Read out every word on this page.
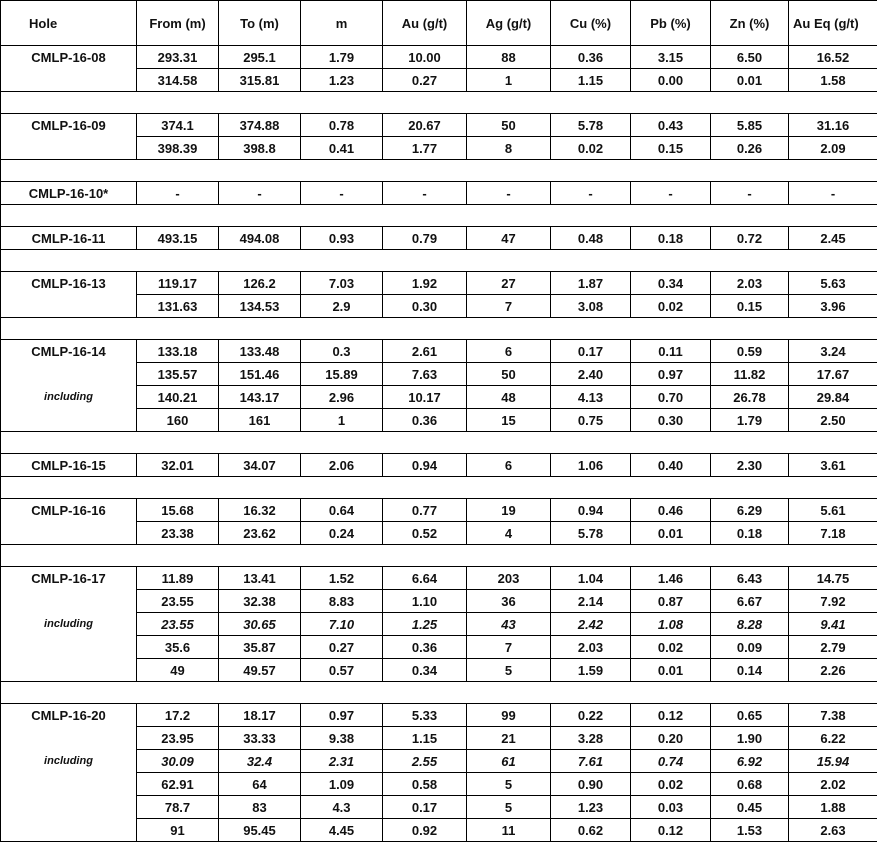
Hole	From (m)	To (m)	m	Au (g/t)	Ag (g/t)	Cu (%)	Pb (%)	Zn (%)	Au Eq (g/t)
CMLP-16-08	293.31	295.1	1.79	10.00	88	0.36	3.15	6.50	16.52
	314.58	315.81	1.23	0.27	1	1.15	0.00	0.01	1.58

CMLP-16-09	374.1	374.88	0.78	20.67	50	5.78	0.43	5.85	31.16
	398.39	398.8	0.41	1.77	8	0.02	0.15	0.26	2.09

CMLP-16-10*	-	-	-	-	-	-	-	-	-

CMLP-16-11	493.15	494.08	0.93	0.79	47	0.48	0.18	0.72	2.45

CMLP-16-13	119.17	126.2	7.03	1.92	27	1.87	0.34	2.03	5.63
	131.63	134.53	2.9	0.30	7	3.08	0.02	0.15	3.96

CMLP-16-14	133.18	133.48	0.3	2.61	6	0.17	0.11	0.59	3.24
	135.57	151.46	15.89	7.63	50	2.40	0.97	11.82	17.67
including	140.21	143.17	2.96	10.17	48	4.13	0.70	26.78	29.84
	160	161	1	0.36	15	0.75	0.30	1.79	2.50

CMLP-16-15	32.01	34.07	2.06	0.94	6	1.06	0.40	2.30	3.61

CMLP-16-16	15.68	16.32	0.64	0.77	19	0.94	0.46	6.29	5.61
	23.38	23.62	0.24	0.52	4	5.78	0.01	0.18	7.18

CMLP-16-17	11.89	13.41	1.52	6.64	203	1.04	1.46	6.43	14.75
	23.55	32.38	8.83	1.10	36	2.14	0.87	6.67	7.92
including	23.55	30.65	7.10	1.25	43	2.42	1.08	8.28	9.41
	35.6	35.87	0.27	0.36	7	2.03	0.02	0.09	2.79
	49	49.57	0.57	0.34	5	1.59	0.01	0.14	2.26

CMLP-16-20	17.2	18.17	0.97	5.33	99	0.22	0.12	0.65	7.38
	23.95	33.33	9.38	1.15	21	3.28	0.20	1.90	6.22
including	30.09	32.4	2.31	2.55	61	7.61	0.74	6.92	15.94
	62.91	64	1.09	0.58	5	0.90	0.02	0.68	2.02
	78.7	83	4.3	0.17	5	1.23	0.03	0.45	1.88
	91	95.45	4.45	0.92	11	0.62	0.12	1.53	2.63
